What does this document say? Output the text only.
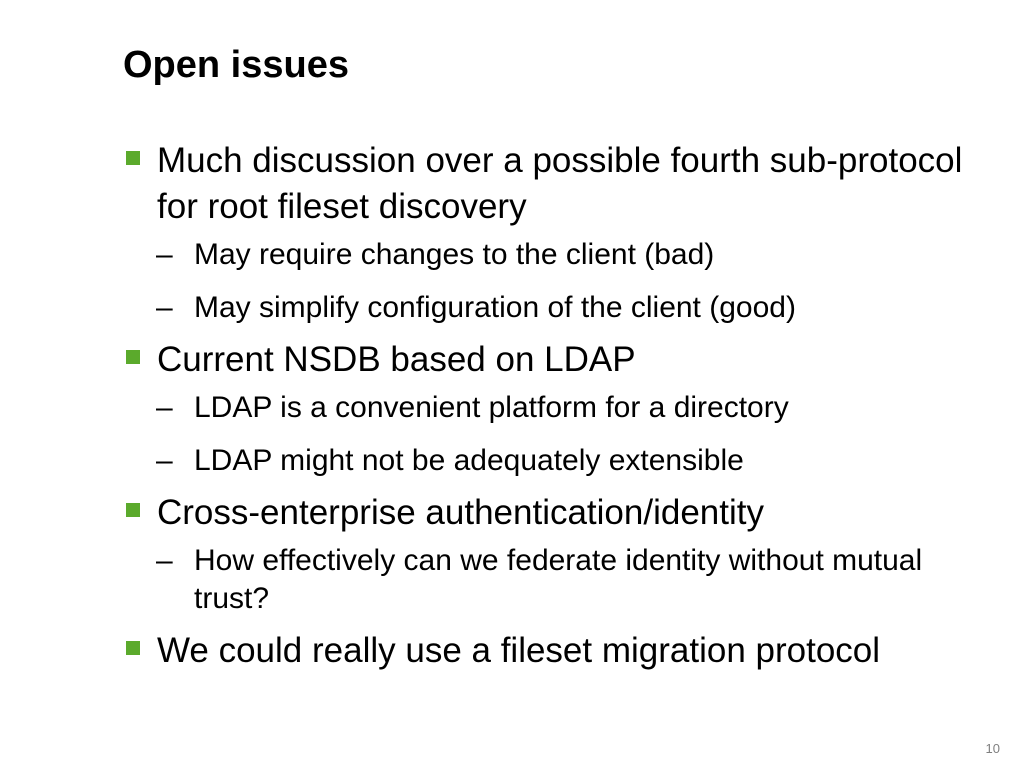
Open issues
Much discussion over a possible fourth sub-protocol for root fileset discovery
– May require changes to the client (bad)
– May simplify configuration of the client (good)
Current NSDB based on LDAP
– LDAP is a convenient platform for a directory
– LDAP might not be adequately extensible
Cross-enterprise authentication/identity
– How effectively can we federate identity without mutual trust?
We could really use a fileset migration protocol
10
